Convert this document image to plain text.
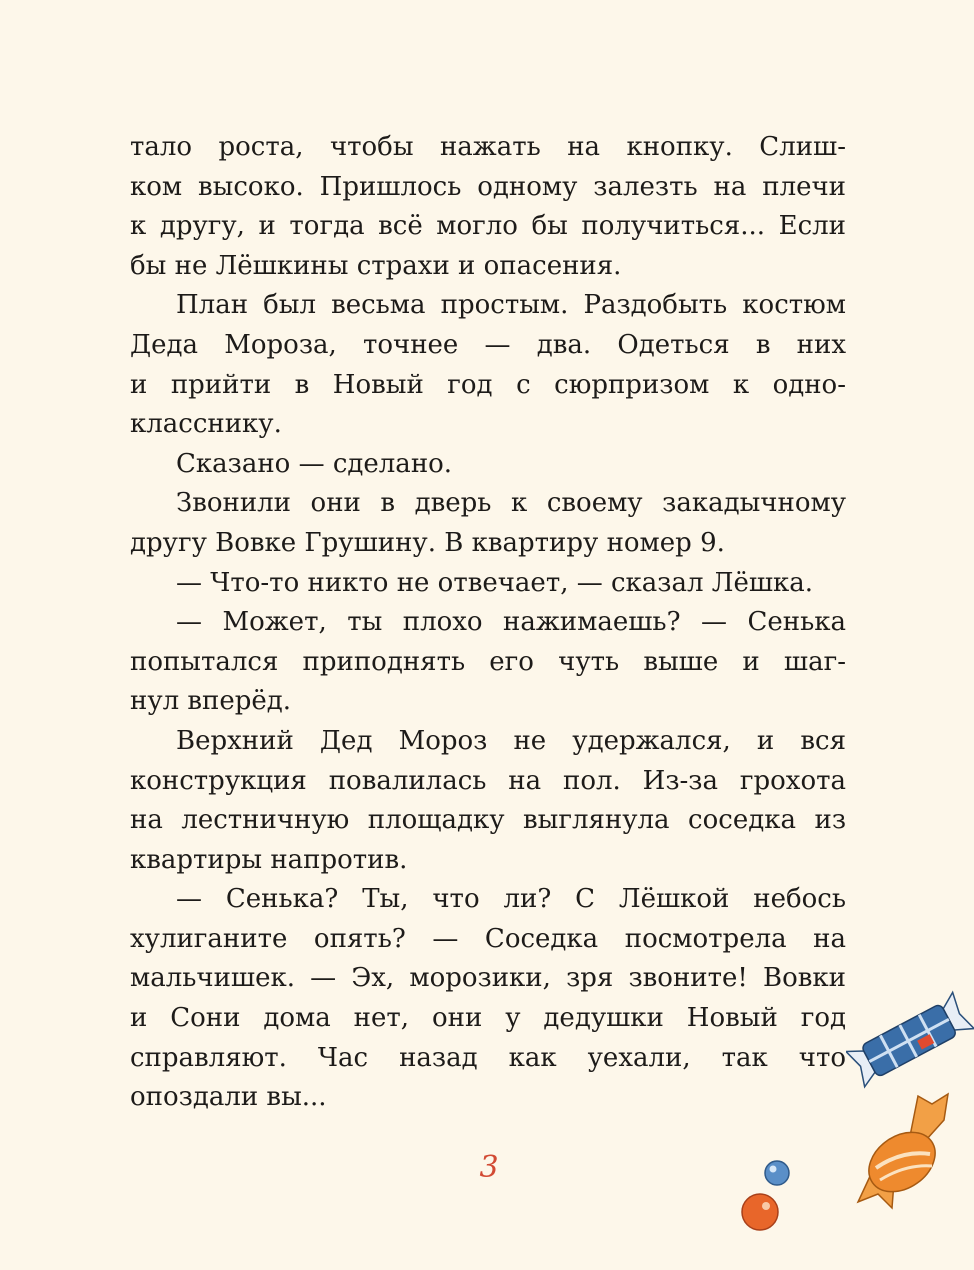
тало роста, чтобы нажать на кнопку. Слиш-
ком высоко. Пришлось одному залезть на плечи
к другу, и тогда всё могло бы получиться... Если
бы не Лёшкины страхи и опасения.
План был весьма простым. Раздобыть костюм
Деда Мороза, точнее — два. Одеться в них
и прийти в Новый год с сюрпризом к одно-
класснику.
Сказано — сделано.
Звонили они в дверь к своему закадычному
другу Вовке Грушину. В квартиру номер 9.
— Что-то никто не отвечает, — сказал Лёшка.
— Может, ты плохо нажимаешь? — Сенька
попытался приподнять его чуть выше и шаг-
нул вперёд.
Верхний Дед Мороз не удержался, и вся
конструкция повалилась на пол. Из-за грохота
на лестничную площадку выглянула соседка из
квартиры напротив.
— Сенька? Ты, что ли? С Лёшкой небось
хулиганите опять? — Соседка посмотрела на
мальчишек. — Эх, морозики, зря звоните! Вовки
и Сони дома нет, они у дедушки Новый год
справляют. Час назад как уехали, так что
опоздали вы...
3
